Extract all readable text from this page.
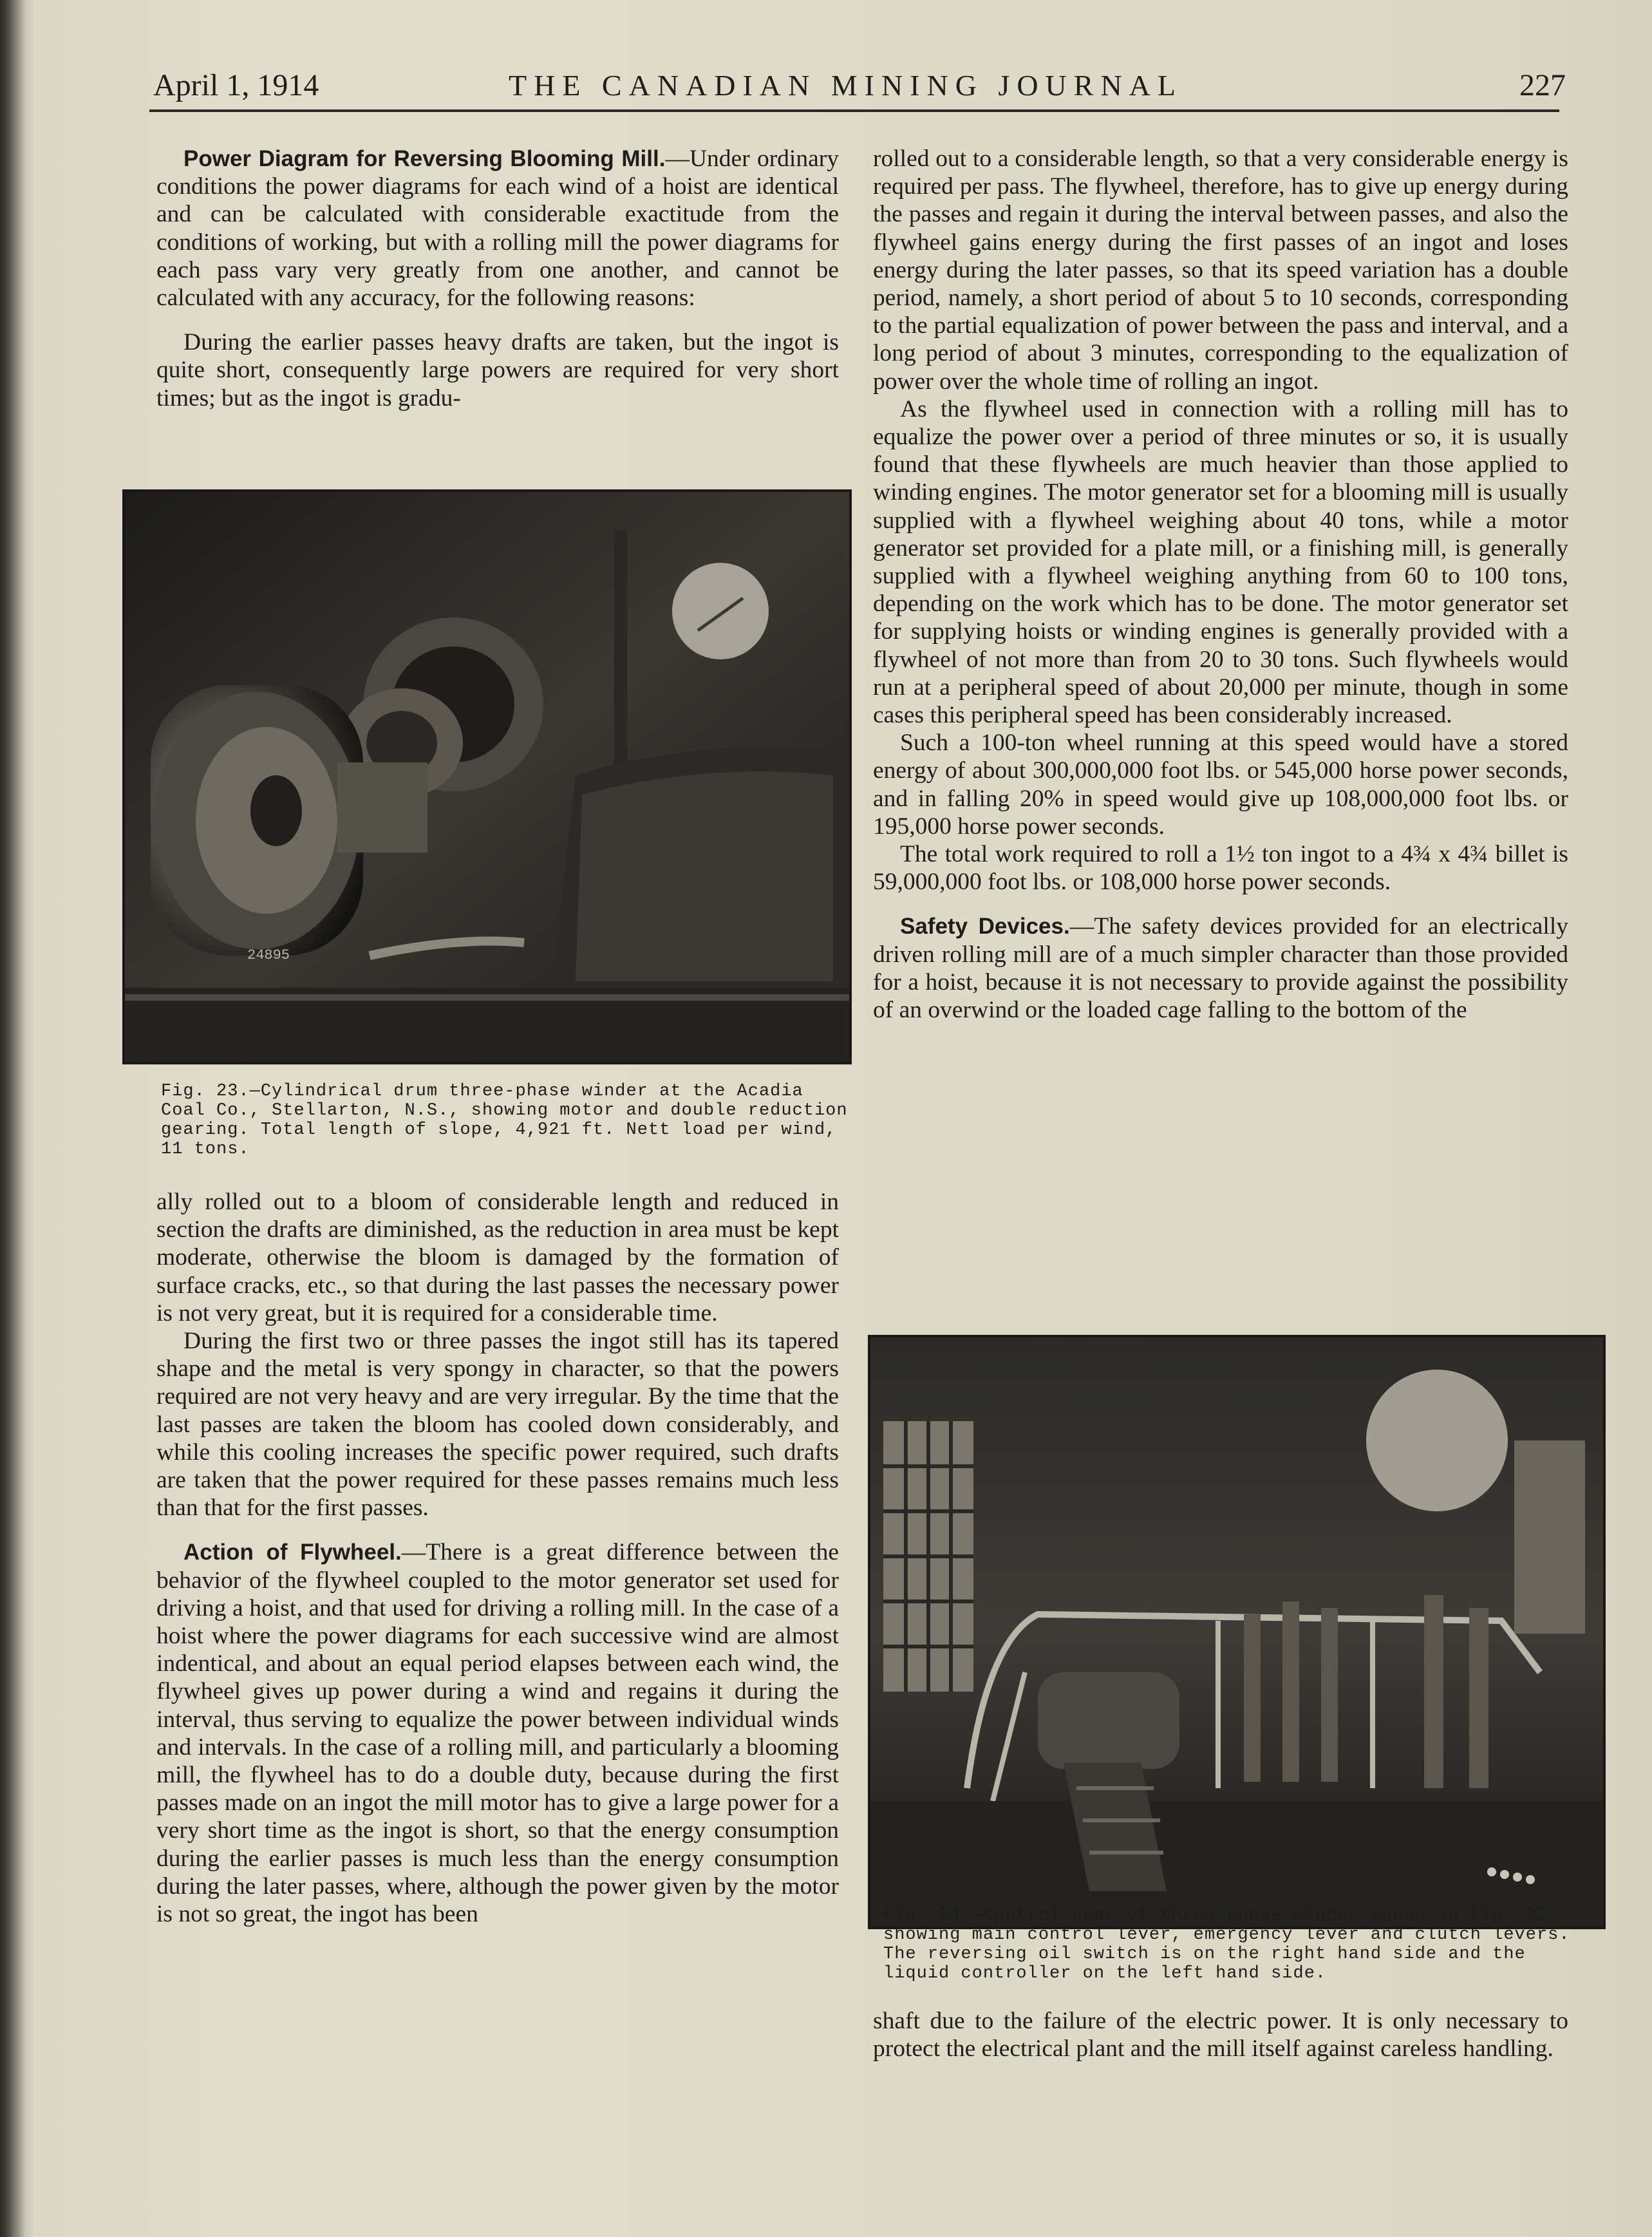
April 1, 1914	THE CANADIAN MINING JOURNAL	227

Power Diagram for Reversing Blooming Mill.—Under ordinary conditions the power diagrams for each wind of a hoist are identical and can be calculated with considerable exactitude from the conditions of working, but with a rolling mill the power diagrams for each pass vary very greatly from one another, and cannot be calculated with any accuracy, for the following reasons:

During the earlier passes heavy drafts are taken, but the ingot is quite short, consequently large powers are required for very short times; but as the ingot is gradu-

24895
Fig. 23.—Cylindrical drum three-phase winder at the Acadia Coal Co., Stellarton, N.S., showing motor and double reduction gearing. Total length of slope, 4,921 ft. Nett load per wind, 11 tons.

ally rolled out to a bloom of considerable length and reduced in section the drafts are diminished, as the reduction in area must be kept moderate, otherwise the bloom is damaged by the formation of surface cracks, etc., so that during the last passes the necessary power is not very great, but it is required for a considerable time.

During the first two or three passes the ingot still has its tapered shape and the metal is very spongy in character, so that the powers required are not very heavy and are very irregular. By the time that the last passes are taken the bloom has cooled down considerably, and while this cooling increases the specific power required, such drafts are taken that the power required for these passes remains much less than that for the first passes.

Action of Flywheel.—There is a great difference between the behavior of the flywheel coupled to the motor generator set used for driving a hoist, and that used for driving a rolling mill. In the case of a hoist where the power diagrams for each successive wind are almost indentical, and about an equal period elapses between each wind, the flywheel gives up power during a wind and regains it during the interval, thus serving to equalize the power between individual winds and intervals. In the case of a rolling mill, and particularly a blooming mill, the flywheel has to do a double duty, because during the first passes made on an ingot the mill motor has to give a large power for a very short time as the ingot is short, so that the energy consumption during the earlier passes is much less than the energy consumption during the later passes, where, although the power given by the motor is not so great, the ingot has been

rolled out to a considerable length, so that a very considerable energy is required per pass. The flywheel, therefore, has to give up energy during the passes and regain it during the interval between passes, and also the flywheel gains energy during the first passes of an ingot and loses energy during the later passes, so that its speed variation has a double period, namely, a short period of about 5 to 10 seconds, corresponding to the partial equalization of power between the pass and interval, and a long period of about 3 minutes, corresponding to the equalization of power over the whole time of rolling an ingot.

As the flywheel used in connection with a rolling mill has to equalize the power over a period of three minutes or so, it is usually found that these flywheels are much heavier than those applied to winding engines. The motor generator set for a blooming mill is usually supplied with a flywheel weighing about 40 tons, while a motor generator set provided for a plate mill, or a finishing mill, is generally supplied with a flywheel weighing anything from 60 to 100 tons, depending on the work which has to be done. The motor generator set for supplying hoists or winding engines is generally provided with a flywheel of not more than from 20 to 30 tons. Such flywheels would run at a peripheral speed of about 20,000 per minute, though in some cases this peripheral speed has been considerably increased.

Such a 100-ton wheel running at this speed would have a stored energy of about 300,000,000 foot lbs. or 545,000 horse power seconds, and in falling 20% in speed would give up 108,000,000 foot lbs. or 195,000 horse power seconds.

The total work required to roll a 1½ ton ingot to a 4¾ x 4¾ billet is 59,000,000 foot lbs. or 108,000 horse power seconds.

Safety Devices.—The safety devices provided for an electrically driven rolling mill are of a much simpler character than those provided for a hoist, because it is not necessary to provide against the possibility of an overwind or the loaded cage falling to the bottom of the

Fig. 24.—Control gear of three-phase winder shown in Fig. 22, showing main control lever, emergency lever and clutch levers. The reversing oil switch is on the right hand side and the liquid controller on the left hand side.

shaft due to the failure of the electric power. It is only necessary to protect the electrical plant and the mill itself against careless handling.
